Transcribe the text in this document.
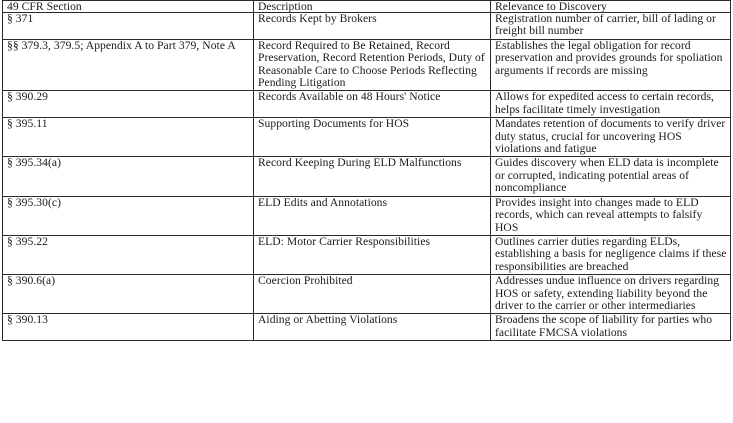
49 CFR Section	Description	Relevance to Discovery
§ 371	Records Kept by Brokers	Registration number of carrier, bill of lading or freight bill number
§§ 379.3, 379.5; Appendix A to Part 379, Note A	Record Required to Be Retained, Record Preservation, Record Retention Periods, Duty of Reasonable Care to Choose Periods Reflecting Pending Litigation	Establishes the legal obligation for record preservation and provides grounds for spoliation arguments if records are missing
§ 390.29	Records Available on 48 Hours' Notice	Allows for expedited access to certain records, helps facilitate timely investigation
§ 395.11	Supporting Documents for HOS	Mandates retention of documents to verify driver duty status, crucial for uncovering HOS violations and fatigue
§ 395.34(a)	Record Keeping During ELD Malfunctions	Guides discovery when ELD data is incomplete or corrupted, indicating potential areas of noncompliance
§ 395.30(c)	ELD Edits and Annotations	Provides insight into changes made to ELD records, which can reveal attempts to falsify HOS
§ 395.22	ELD: Motor Carrier Responsibilities	Outlines carrier duties regarding ELDs, establishing a basis for negligence claims if these responsibilities are breached
§ 390.6(a)	Coercion Prohibited	Addresses undue influence on drivers regarding HOS or safety, extending liability beyond the driver to the carrier or other intermediaries
§ 390.13	Aiding or Abetting Violations	Broadens the scope of liability for parties who facilitate FMCSA violations
